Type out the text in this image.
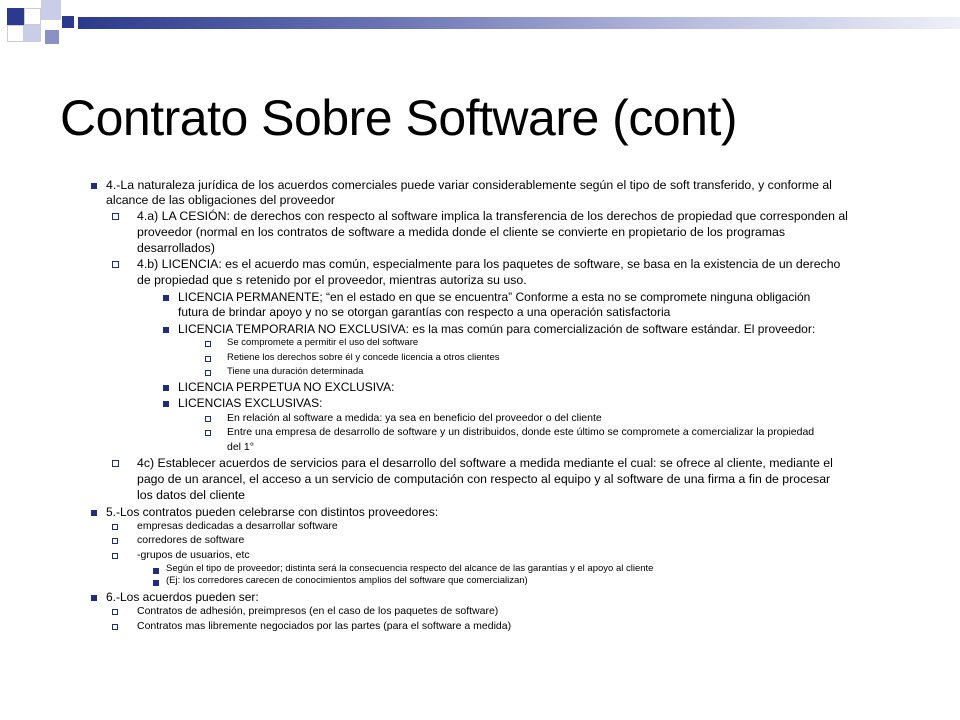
Contrato Sobre Software (cont)

4.-La naturaleza jurídica de los acuerdos comerciales puede variar considerablemente según el tipo de soft transferido, y conforme al

alcance de las obligaciones del proveedor

4.a) LA CESIÓN: de derechos con respecto al software implica la transferencia de los derechos de propiedad que corresponden al

proveedor (normal en los contratos de software a medida donde el cliente se convierte en propietario de los programas

desarrollados)

4.b) LICENCIA: es el acuerdo mas común, especialmente para los paquetes de software, se basa en la existencia de un derecho

de propiedad que s retenido por el proveedor, mientras autoriza su uso.

LICENCIA PERMANENTE; “en el estado en que se encuentra” Conforme a esta no se compromete ninguna obligación

futura de brindar apoyo y no se otorgan garantías con respecto a una operación satisfactoria

LICENCIA TEMPORARIA NO EXCLUSIVA: es la mas común para comercialización de software estándar. El proveedor:

Se compromete a permitir el uso del software

Retiene los derechos sobre él y concede licencia a otros clientes

Tiene una duración determinada

LICENCIA PERPETUA NO EXCLUSIVA:

LICENCIAS EXCLUSIVAS:

En relación al software a medida: ya sea en beneficio del proveedor o del cliente

Entre una empresa de desarrollo de software y un distribuidos, donde este último se compromete a comercializar la propiedad

del 1°

4c) Establecer acuerdos de servicios para el desarrollo del software a medida mediante el cual: se ofrece al cliente, mediante el

pago de un arancel, el acceso a un servicio de computación con respecto al equipo y al software de una firma a fin de procesar

los datos del cliente

5.-Los contratos pueden celebrarse con distintos proveedores:

empresas dedicadas a desarrollar software

corredores de software

-grupos de usuarios, etc

Según el tipo de proveedor; distinta será la consecuencia respecto del alcance de las garantías y el apoyo al cliente

(Ej: los corredores carecen de conocimientos amplios del software que comercializan)

6.-Los acuerdos pueden ser:

Contratos de adhesión, preimpresos (en el caso de los paquetes de software)

Contratos mas libremente negociados por las partes (para el software a medida)
